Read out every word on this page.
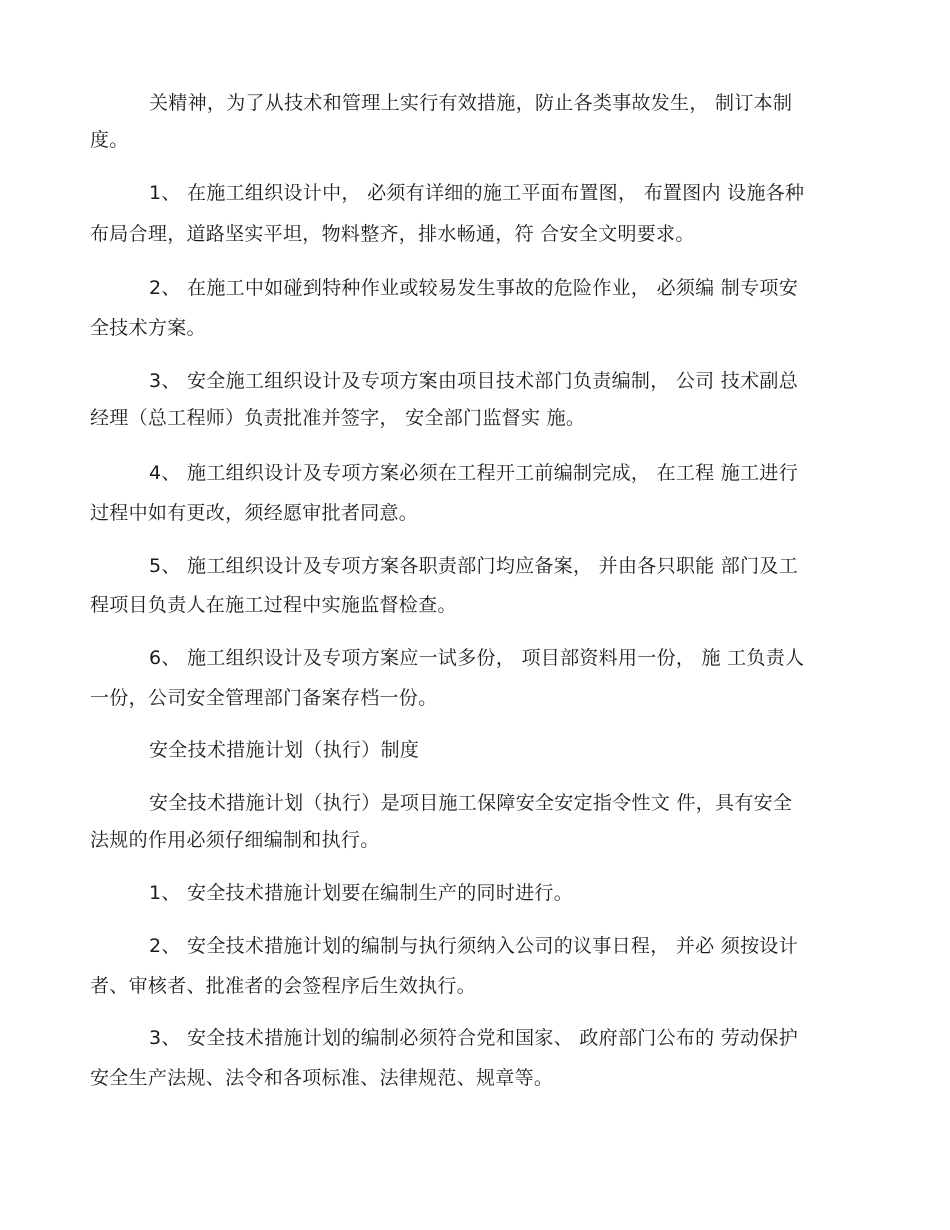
关精神，为了从技术和管理上实行有效措施，防止各类事故发生， 制订本制
度。
1、 在施工组织设计中， 必须有详细的施工平面布置图， 布置图内 设施各种
布局合理，道路坚实平坦，物料整齐，排水畅通，符 合安全文明要求。
2、 在施工中如碰到特种作业或较易发生事故的危险作业， 必须编 制专项安
全技术方案。
3、 安全施工组织设计及专项方案由项目技术部门负责编制， 公司 技术副总
经理（总工程师）负责批准并签字， 安全部门监督实 施。
4、 施工组织设计及专项方案必须在工程开工前编制完成， 在工程 施工进行
过程中如有更改，须经愿审批者同意。
5、 施工组织设计及专项方案各职责部门均应备案， 并由各只职能 部门及工
程项目负责人在施工过程中实施监督检查。
6、 施工组织设计及专项方案应一试多份， 项目部资料用一份， 施 工负责人
一份，公司安全管理部门备案存档一份。
安全技术措施计划（执行）制度
安全技术措施计划（执行）是项目施工保障安全安定指令性文 件，具有安全
法规的作用必须仔细编制和执行。
1、 安全技术措施计划要在编制生产的同时进行。
2、 安全技术措施计划的编制与执行须纳入公司的议事日程， 并必 须按设计
者、审核者、批准者的会签程序后生效执行。
3、 安全技术措施计划的编制必须符合党和国家、 政府部门公布的 劳动保护
安全生产法规、法令和各项标准、法律规范、规章等。
